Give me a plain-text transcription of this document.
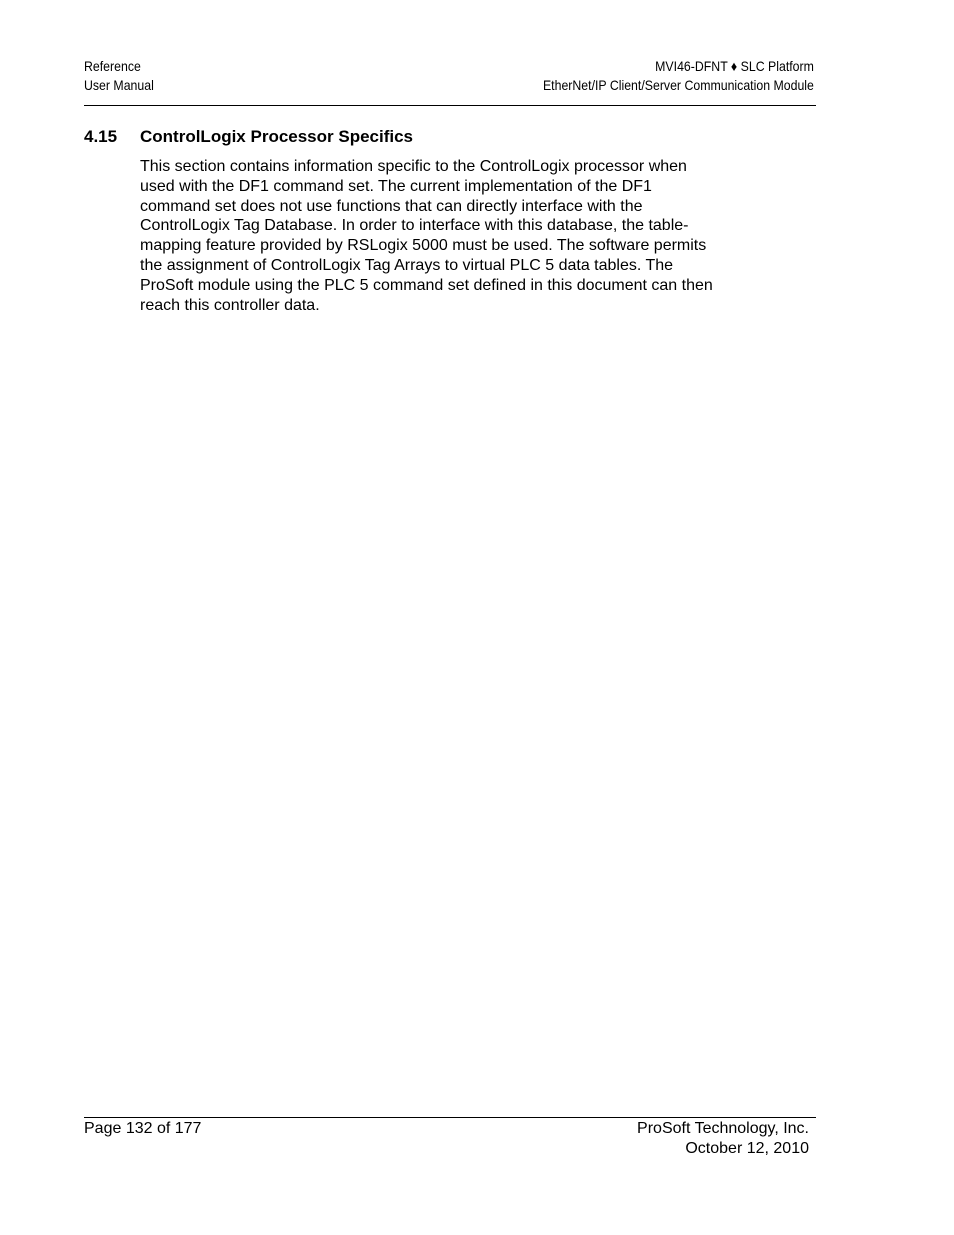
Reference
User Manual
MVI46-DFNT ♦ SLC Platform
EtherNet/IP Client/Server Communication Module
4.15 ControlLogix Processor Specifics
This section contains information specific to the ControlLogix processor when
used with the DF1 command set. The current implementation of the DF1
command set does not use functions that can directly interface with the
ControlLogix Tag Database. In order to interface with this database, the table-
mapping feature provided by RSLogix 5000 must be used. The software permits
the assignment of ControlLogix Tag Arrays to virtual PLC 5 data tables. The
ProSoft module using the PLC 5 command set defined in this document can then
reach this controller data.
Page 132 of 177	ProSoft Technology, Inc.
October 12, 2010
